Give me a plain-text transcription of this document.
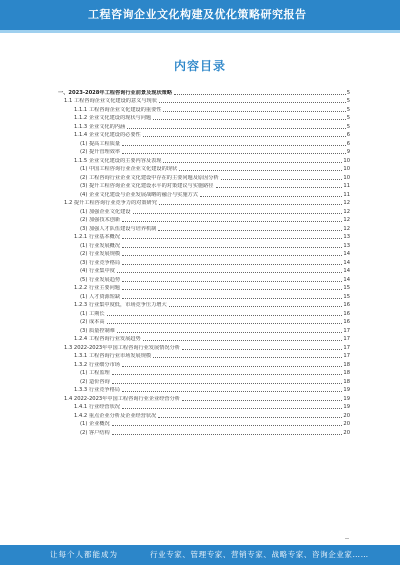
工程咨询企业文化构建及优化策略研究报告
内容目录
一、2023-2028年工程咨询行业前景及现状策略	5
1.1 工程咨询企业文化建设的意义与现状	5
1.1.1 工程咨询企业文化建设的重要性	5
1.1.2 企业文化建设的现状与问题	5
1.1.3 企业文化的内涵	5
1.1.4 企业文化建设的必要性	6
(1) 提高工程质量	6
(2) 提升管理效率	9
1.1.5 企业文化建设的主要内容及表现	10
(1) 中国工程咨询行业企业文化建设的现状	10
(2) 工程咨询行业企业文化建设中存在的主要问题及原因分析	10
(3) 提升工程咨询企业文化建设水平的对策建议与实施路径	11
(4) 企业文化建设与企业发展战略的融合与实施方式	11
1.2 提升工程咨询行业竞争力的对策研究	12
(1) 加强企业文化建设	12
(2) 加强技术创新	12
(3) 加强人才队伍建设与培养机制	12
1.2.1 行业基本概况	13
(1) 行业发展概况	13
(2) 行业发展规模	14
(3) 行业竞争格局	14
(4) 行业集中度	14
(5) 行业发展趋势	14
1.2.2 行业主要问题	15
(1) 人才资源短缺	15
1.2.3 行业集中度低，市场竞争压力增大	16
(1) 工期长	16
(2) 成本高	16
(3) 质量控制难	17
1.2.4 工程咨询行业发展趋势	17
1.3 2022-2023年中国工程咨询行业发展情况分析	17
1.3.1 工程咨询行业市场发展规模	17
1.3.2 行业细分市场	18
(1) 工程监理	18
(2) 造价咨询	18
1.3.3 行业竞争格局	19
1.4 2022-2023年中国工程咨询行业企业经营分析	19
1.4.1 行业经营状况	19
1.4.2 重点企业分析及企业经营状况	20
(1) 企业概况	20
(2) 客户结构	20
让每个人都能成为	行业专家、管理专家、营销专家、战略专家、咨询企业家……
